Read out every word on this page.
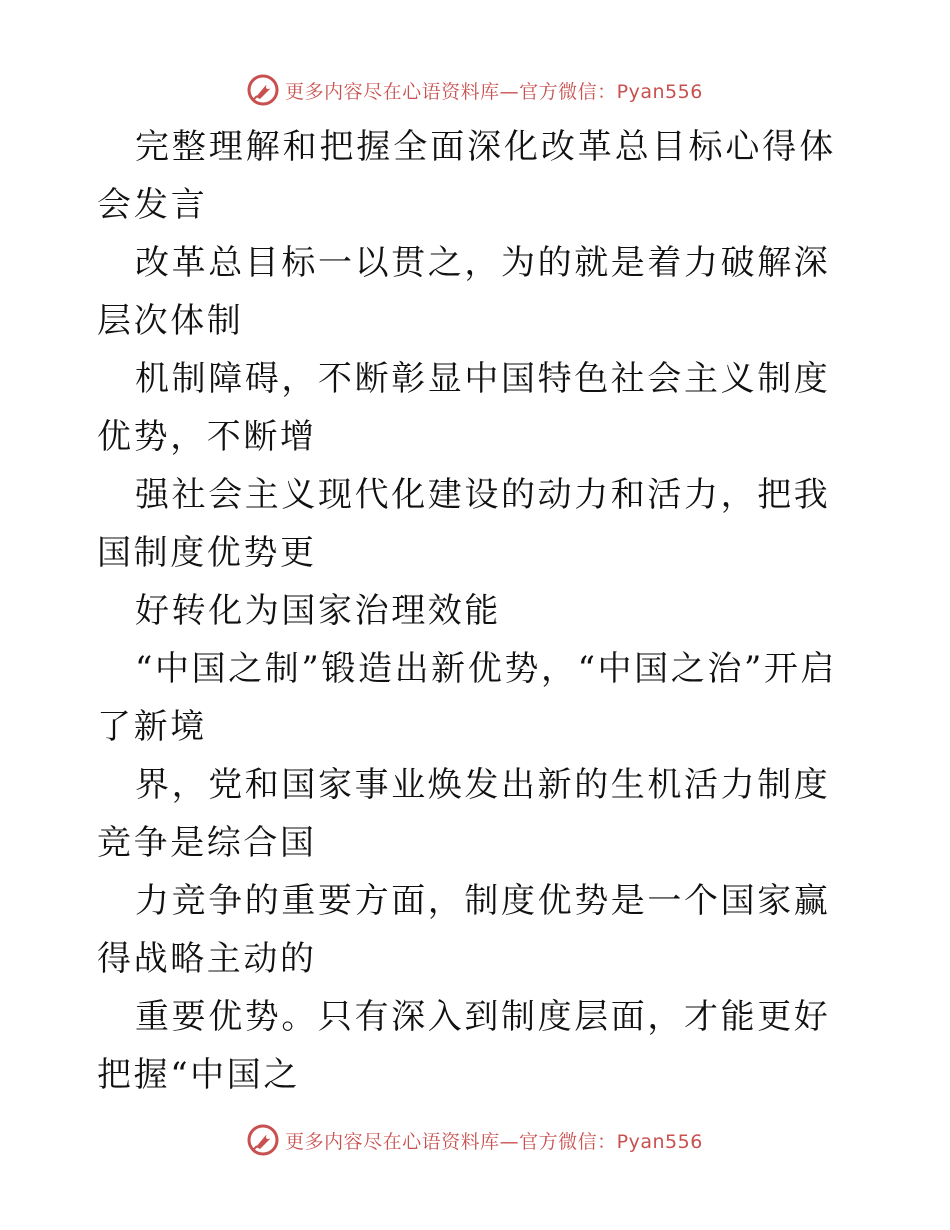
更多内容尽在心语资料库—官方微信：Pyan556

完整理解和把握全面深化改革总目标心得体会发言

改革总目标一以贯之，为的就是着力破解深层次体制

机制障碍，不断彰显中国特色社会主义制度优势，不断增

强社会主义现代化建设的动力和活力，把我国制度优势更

好转化为国家治理效能

“中国之制”锻造出新优势，“中国之治”开启了新境

界，党和国家事业焕发出新的生机活力制度竞争是综合国

力竞争的重要方面，制度优势是一个国家赢得战略主动的

重要优势。只有深入到制度层面，才能更好把握“中国之

更多内容尽在心语资料库—官方微信：Pyan556
